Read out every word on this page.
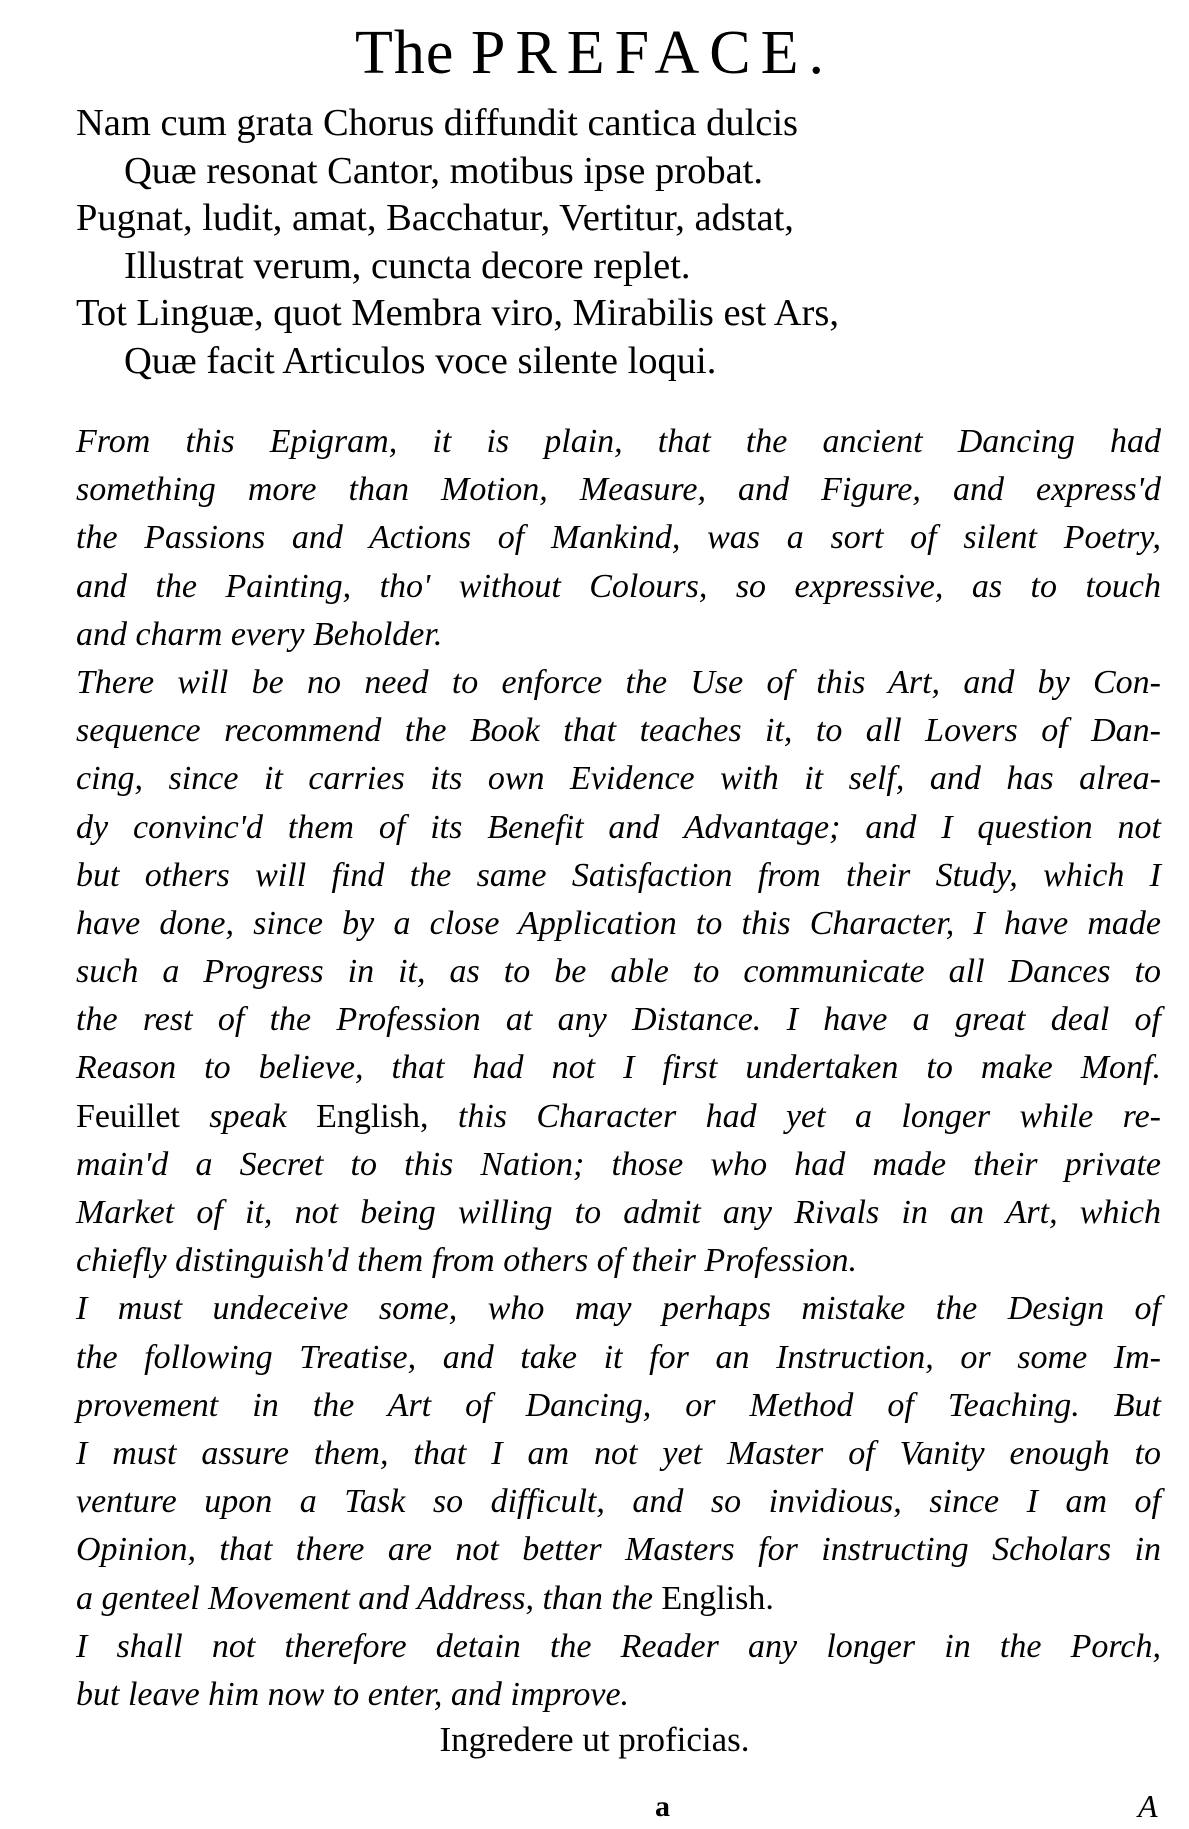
The PREFACE.
Nam cum grata Chorus diffundit cantica dulcis
Quæ resonat Cantor, motibus ipse probat.
Pugnat, ludit, amat, Bacchatur, Vertitur, adstat,
Illustrat verum, cuncta decore replet.
Tot Linguæ, quot Membra viro, Mirabilis est Ars,
Quæ facit Articulos voce silente loqui.
From this Epigram, it is plain, that the ancient Dancing had
something more than Motion, Measure, and Figure, and express'd
the Passions and Actions of Mankind, was a sort of silent Poetry,
and the Painting, tho' without Colours, so expressive, as to touch
and charm every Beholder.
There will be no need to enforce the Use of this Art, and by Con-
sequence recommend the Book that teaches it, to all Lovers of Dan-
cing, since it carries its own Evidence with it self, and has alrea-
dy convinc'd them of its Benefit and Advantage; and I question not
but others will find the same Satisfaction from their Study, which I
have done, since by a close Application to this Character, I have made
such a Progress in it, as to be able to communicate all Dances to
the rest of the Profession at any Distance. I have a great deal of
Reason to believe, that had not I first undertaken to make Monf.
Feuillet speak English, this Character had yet a longer while re-
main'd a Secret to this Nation; those who had made their private
Market of it, not being willing to admit any Rivals in an Art, which
chiefly distinguish'd them from others of their Profession.
I must undeceive some, who may perhaps mistake the Design of
the following Treatise, and take it for an Instruction, or some Im-
provement in the Art of Dancing, or Method of Teaching. But
I must assure them, that I am not yet Master of Vanity enough to
venture upon a Task so difficult, and so invidious, since I am of
Opinion, that there are not better Masters for instructing Scholars in
a genteel Movement and Address, than the English.
I shall not therefore detain the Reader any longer in the Porch,
but leave him now to enter, and improve.
Ingredere ut proficias.
a	A
